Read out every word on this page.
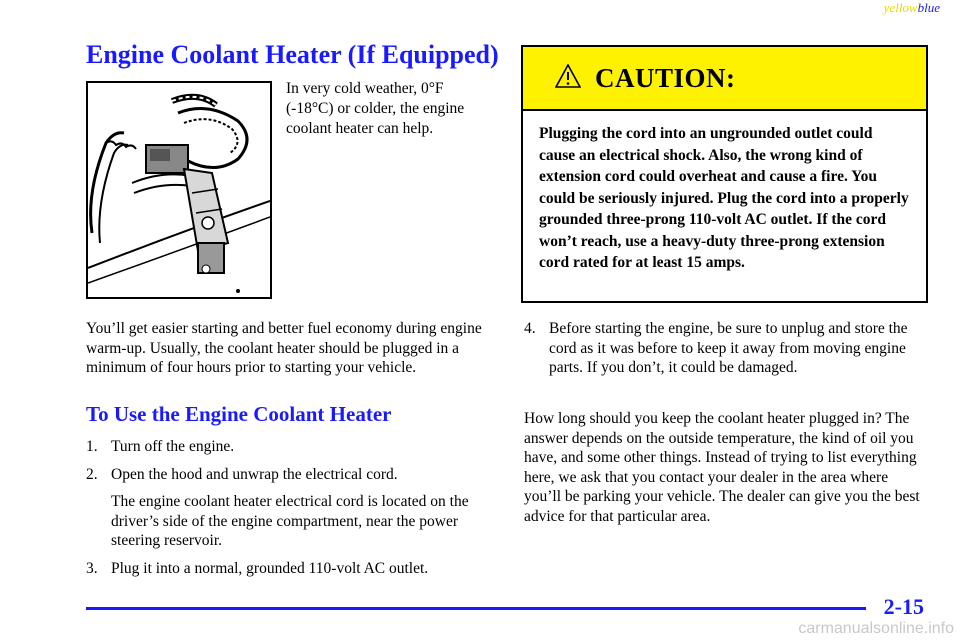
yellowblue
Engine Coolant Heater (If Equipped)
In very cold weather, 0°F (-18°C) or colder, the engine coolant heater can help.
You’ll get easier starting and better fuel economy during engine warm-up. Usually, the coolant heater should be plugged in a minimum of four hours prior to starting your vehicle.
To Use the Engine Coolant Heater
1. Turn off the engine.
2. Open the hood and unwrap the electrical cord.
The engine coolant heater electrical cord is located on the driver’s side of the engine compartment, near the power steering reservoir.
3. Plug it into a normal, grounded 110-volt AC outlet.
CAUTION:
Plugging the cord into an ungrounded outlet could cause an electrical shock. Also, the wrong kind of extension cord could overheat and cause a fire. You could be seriously injured. Plug the cord into a properly grounded three-prong 110-volt AC outlet. If the cord won’t reach, use a heavy-duty three-prong extension cord rated for at least 15 amps.
4. Before starting the engine, be sure to unplug and store the cord as it was before to keep it away from moving engine parts. If you don’t, it could be damaged.
How long should you keep the coolant heater plugged in? The answer depends on the outside temperature, the kind of oil you have, and some other things. Instead of trying to list everything here, we ask that you contact your dealer in the area where you’ll be parking your vehicle. The dealer can give you the best advice for that particular area.
2-15
carmanualsonline.info
